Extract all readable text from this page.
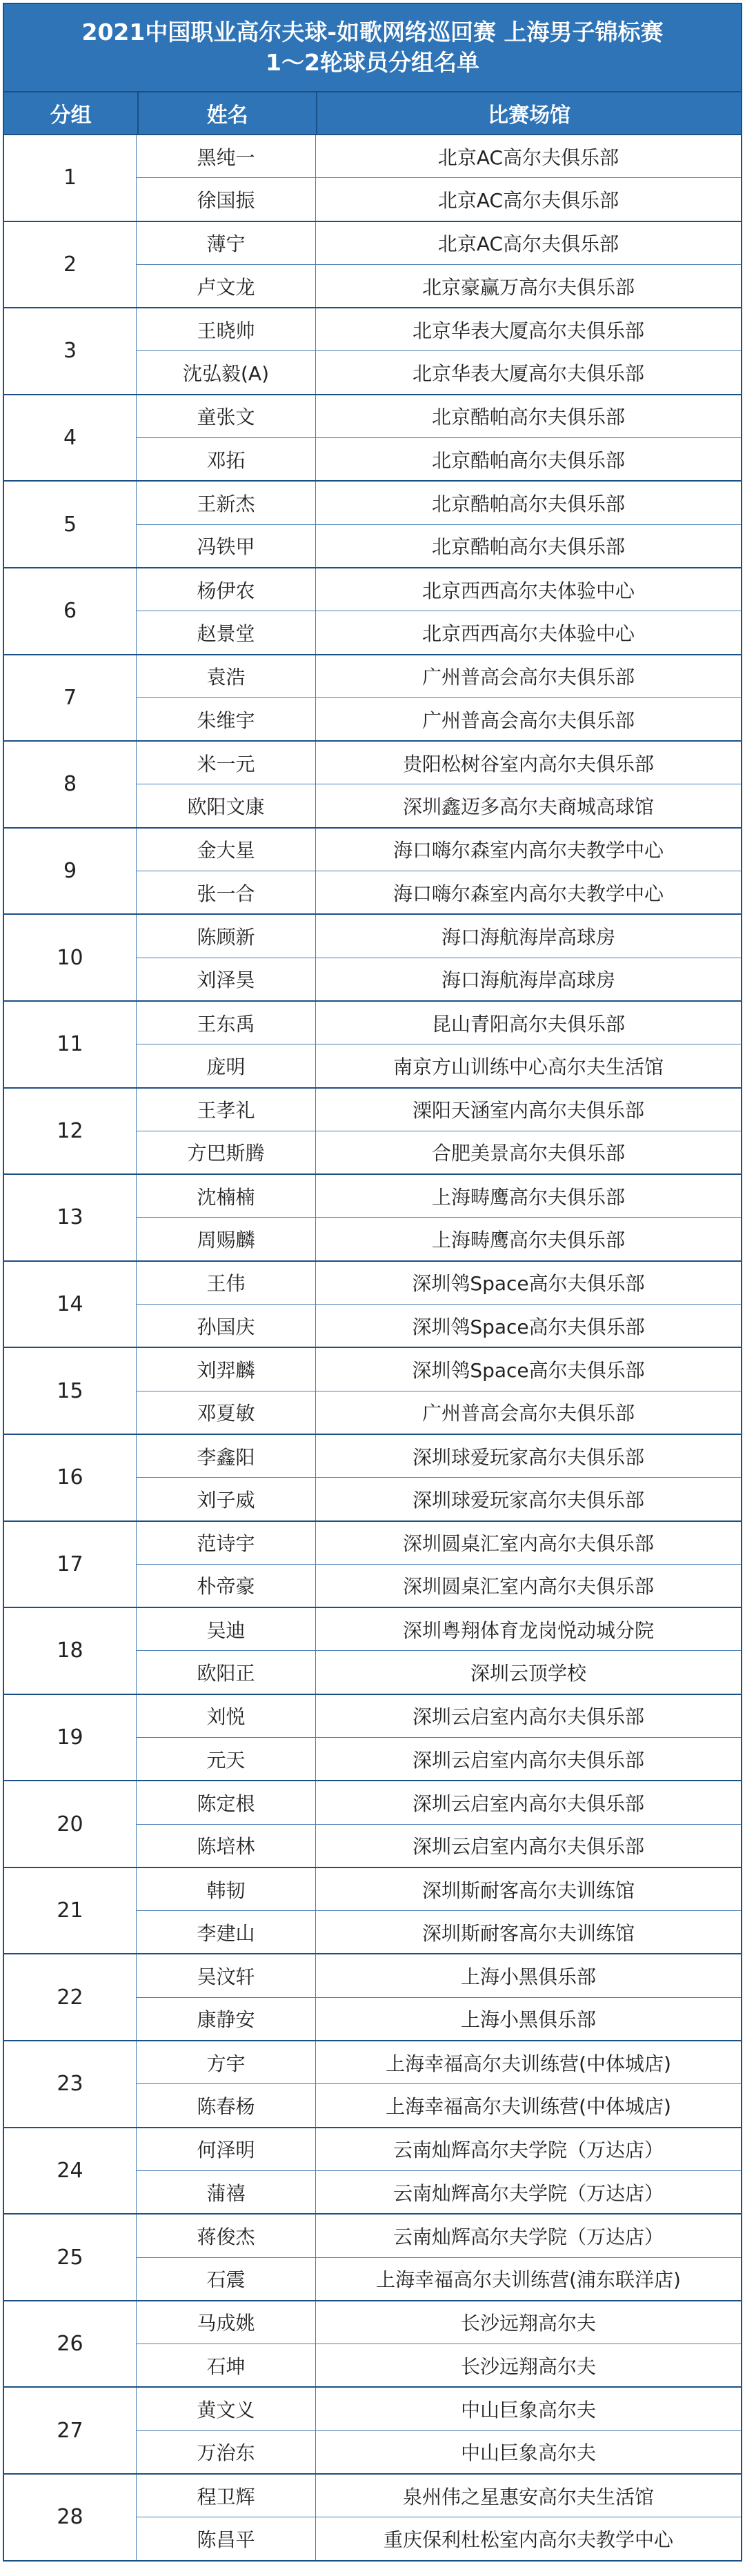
2021中国职业高尔夫球-如歌网络巡回赛 上海男子锦标赛
1～2轮球员分组名单
分组	姓名	比赛场馆
1
黑纯一	北京AC高尔夫俱乐部
徐国振	北京AC高尔夫俱乐部
2
薄宁	北京AC高尔夫俱乐部
卢文龙	北京豪赢万高尔夫俱乐部
3
王晓帅	北京华表大厦高尔夫俱乐部
沈弘毅(A)	北京华表大厦高尔夫俱乐部
4
童张文	北京酷帕高尔夫俱乐部
邓拓	北京酷帕高尔夫俱乐部
5
王新杰	北京酷帕高尔夫俱乐部
冯铁甲	北京酷帕高尔夫俱乐部
6
杨伊农	北京西西高尔夫体验中心
赵景堂	北京西西高尔夫体验中心
7
袁浩	广州普高会高尔夫俱乐部
朱维宇	广州普高会高尔夫俱乐部
8
米一元	贵阳松树谷室内高尔夫俱乐部
欧阳文康	深圳鑫迈多高尔夫商城高球馆
9
金大星	海口嗨尔森室内高尔夫教学中心
张一合	海口嗨尔森室内高尔夫教学中心
10
陈顾新	海口海航海岸高球房
刘泽昊	海口海航海岸高球房
11
王东禹	昆山青阳高尔夫俱乐部
庞明	南京方山训练中心高尔夫生活馆
12
王孝礼	溧阳天涵室内高尔夫俱乐部
方巴斯腾	合肥美景高尔夫俱乐部
13
沈楠楠	上海畴鹰高尔夫俱乐部
周赐麟	上海畴鹰高尔夫俱乐部
14
王伟	深圳鸰Space高尔夫俱乐部
孙国庆	深圳鸰Space高尔夫俱乐部
15
刘羿麟	深圳鸰Space高尔夫俱乐部
邓夏敏	广州普高会高尔夫俱乐部
16
李鑫阳	深圳球爱玩家高尔夫俱乐部
刘子威	深圳球爱玩家高尔夫俱乐部
17
范诗宇	深圳圆桌汇室内高尔夫俱乐部
朴帝豪	深圳圆桌汇室内高尔夫俱乐部
18
吴迪	深圳粤翔体育龙岗悦动城分院
欧阳正	深圳云顶学校
19
刘悦	深圳云启室内高尔夫俱乐部
元天	深圳云启室内高尔夫俱乐部
20
陈定根	深圳云启室内高尔夫俱乐部
陈培林	深圳云启室内高尔夫俱乐部
21
韩韧	深圳斯耐客高尔夫训练馆
李建山	深圳斯耐客高尔夫训练馆
22
吴汶轩	上海小黑俱乐部
康静安	上海小黑俱乐部
23
方宇	上海幸福高尔夫训练营(中体城店)
陈春杨	上海幸福高尔夫训练营(中体城店)
24
何泽明	云南灿辉高尔夫学院（万达店）
蒲禧	云南灿辉高尔夫学院（万达店）
25
蒋俊杰	云南灿辉高尔夫学院（万达店）
石震	上海幸福高尔夫训练营(浦东联洋店)
26
马成姚	长沙远翔高尔夫
石坤	长沙远翔高尔夫
27
黄文义	中山巨象高尔夫
万治东	中山巨象高尔夫
28
程卫辉	泉州伟之星惠安高尔夫生活馆
陈昌平	重庆保利杜松室内高尔夫教学中心
